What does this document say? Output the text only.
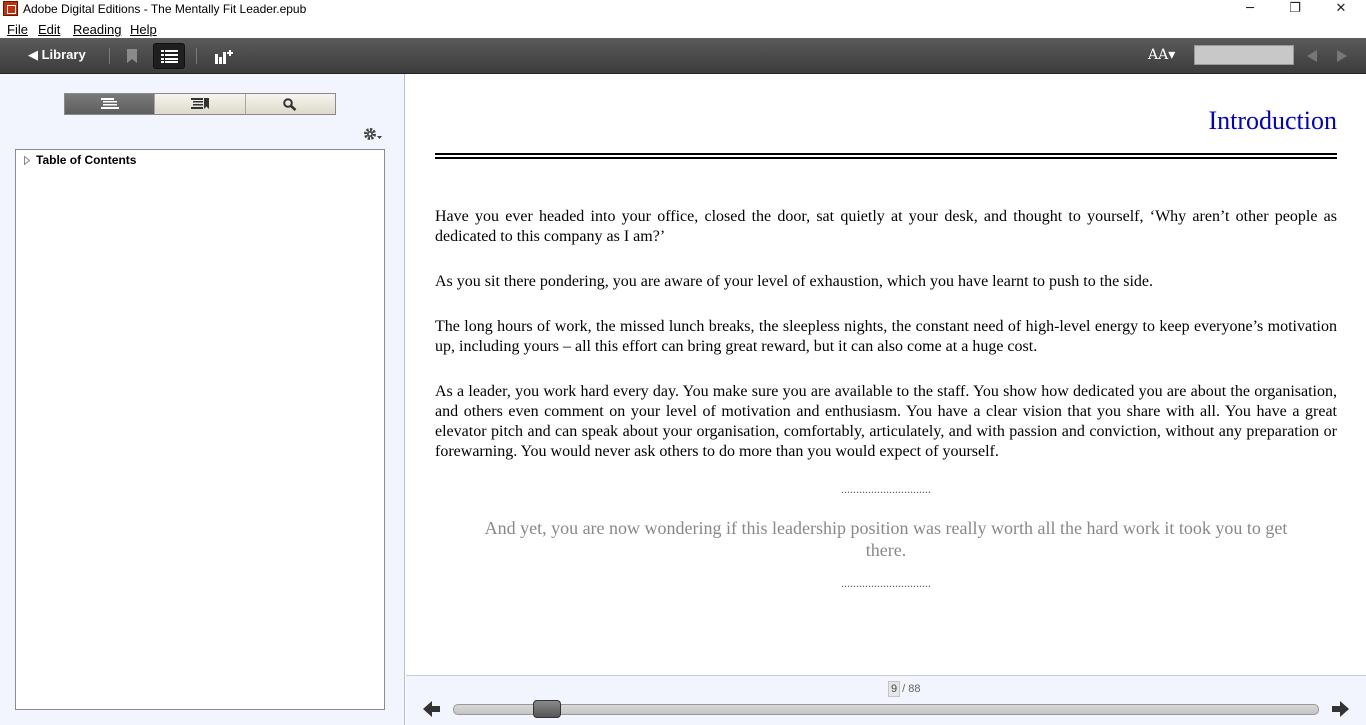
Adobe Digital Editions - The Mentally Fit Leader.epub	─	❐	✕
File Edit Reading Help
◀ Library	AA▾
Table of Contents
Introduction

Have you ever headed into your office, closed the door, sat quietly at your desk, and thought to yourself, ‘Why aren’t other people as dedicated to this company as I am?’

As you sit there pondering, you are aware of your level of exhaustion, which you have learnt to push to the side.

The long hours of work, the missed lunch breaks, the sleepless nights, the constant need of high-level energy to keep everyone’s motivation up, including yours – all this effort can bring great reward, but it can also come at a huge cost.

As a leader, you work hard every day. You make sure you are available to the staff. You show how dedicated you are about the organisation, and others even comment on your level of motivation and enthusiasm. You have a clear vision that you share with all. You have a great elevator pitch and can speak about your organisation, comfortably, articulately, and with passion and conviction, without any preparation or forewarning. You would never ask others to do more than you would expect of yourself.

..............................
And yet, you are now wondering if this leadership position was really worth all the hard work it took you to get there.
..............................
9 / 88
